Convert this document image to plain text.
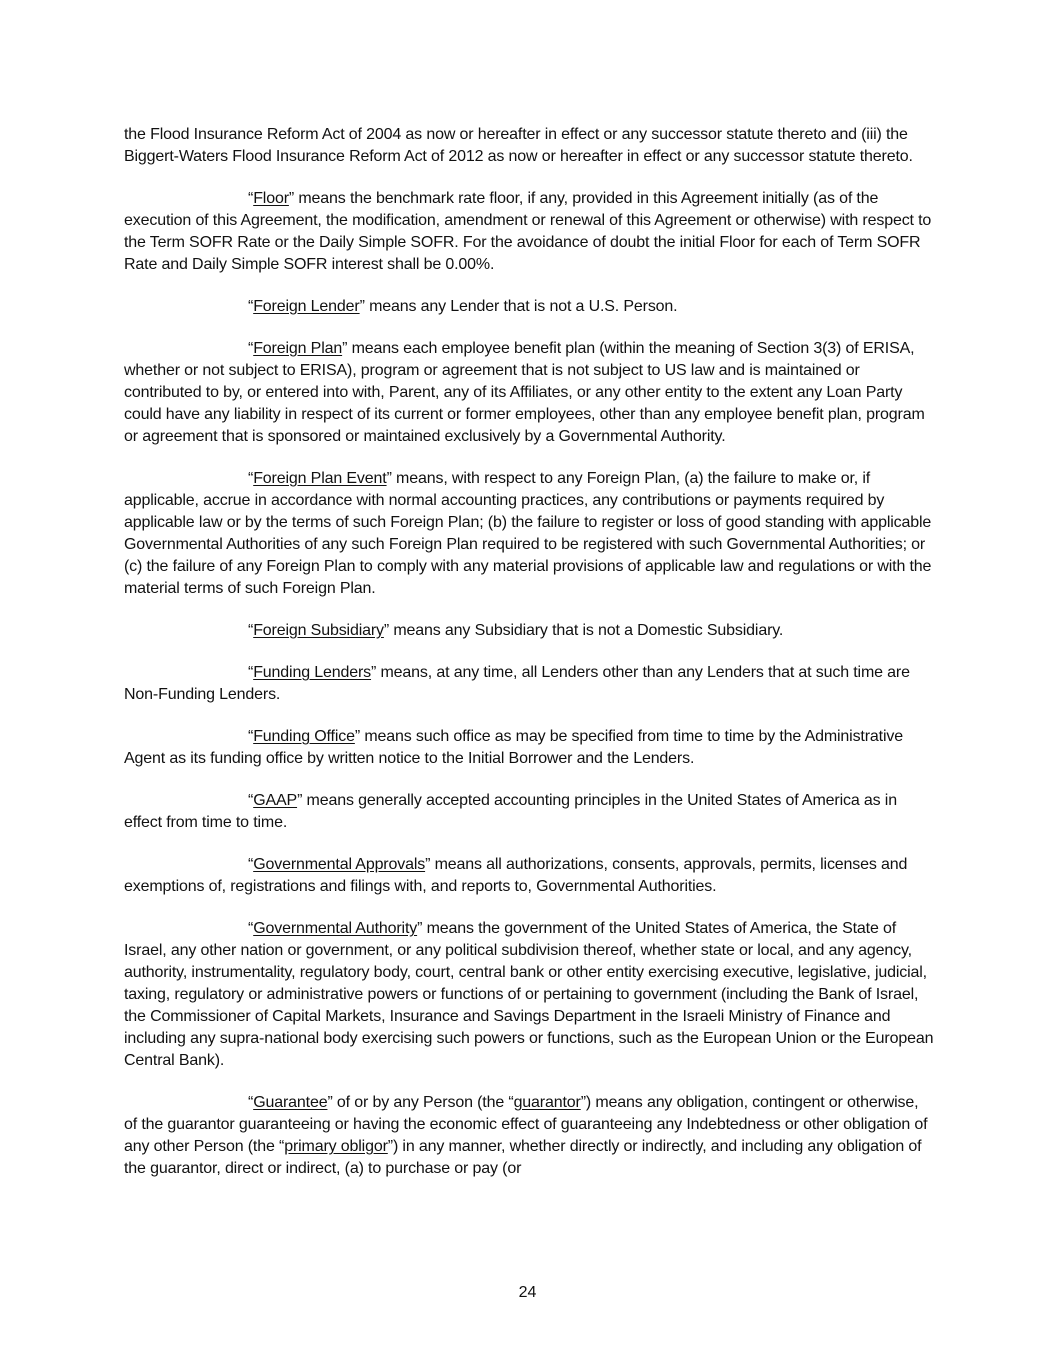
the Flood Insurance Reform Act of 2004 as now or hereafter in effect or any successor statute thereto and (iii) the Biggert-Waters Flood Insurance Reform Act of 2012 as now or hereafter in effect or any successor statute thereto.

“Floor” means the benchmark rate floor, if any, provided in this Agreement initially (as of the execution of this Agreement, the modification, amendment or renewal of this Agreement or otherwise) with respect to the Term SOFR Rate or the Daily Simple SOFR. For the avoidance of doubt the initial Floor for each of Term SOFR Rate and Daily Simple SOFR interest shall be 0.00%.

“Foreign Lender” means any Lender that is not a U.S. Person.

“Foreign Plan” means each employee benefit plan (within the meaning of Section 3(3) of ERISA, whether or not subject to ERISA), program or agreement that is not subject to US law and is maintained or contributed to by, or entered into with, Parent, any of its Affiliates, or any other entity to the extent any Loan Party could have any liability in respect of its current or former employees, other than any employee benefit plan, program or agreement that is sponsored or maintained exclusively by a Governmental Authority.

“Foreign Plan Event” means, with respect to any Foreign Plan, (a) the failure to make or, if applicable, accrue in accordance with normal accounting practices, any contributions or payments required by applicable law or by the terms of such Foreign Plan; (b) the failure to register or loss of good standing with applicable Governmental Authorities of any such Foreign Plan required to be registered with such Governmental Authorities; or (c) the failure of any Foreign Plan to comply with any material provisions of applicable law and regulations or with the material terms of such Foreign Plan.

“Foreign Subsidiary” means any Subsidiary that is not a Domestic Subsidiary.

“Funding Lenders” means, at any time, all Lenders other than any Lenders that at such time are Non-Funding Lenders.

“Funding Office” means such office as may be specified from time to time by the Administrative Agent as its funding office by written notice to the Initial Borrower and the Lenders.

“GAAP” means generally accepted accounting principles in the United States of America as in effect from time to time.

“Governmental Approvals” means all authorizations, consents, approvals, permits, licenses and exemptions of, registrations and filings with, and reports to, Governmental Authorities.

“Governmental Authority” means the government of the United States of America, the State of Israel, any other nation or government, or any political subdivision thereof, whether state or local, and any agency, authority, instrumentality, regulatory body, court, central bank or other entity exercising executive, legislative, judicial, taxing, regulatory or administrative powers or functions of or pertaining to government (including the Bank of Israel, the Commissioner of Capital Markets, Insurance and Savings Department in the Israeli Ministry of Finance and including any supra-national body exercising such powers or functions, such as the European Union or the European Central Bank).

“Guarantee” of or by any Person (the “guarantor”) means any obligation, contingent or otherwise, of the guarantor guaranteeing or having the economic effect of guaranteeing any Indebtedness or other obligation of any other Person (the “primary obligor”) in any manner, whether directly or indirectly, and including any obligation of the guarantor, direct or indirect, (a) to purchase or pay (or

24
